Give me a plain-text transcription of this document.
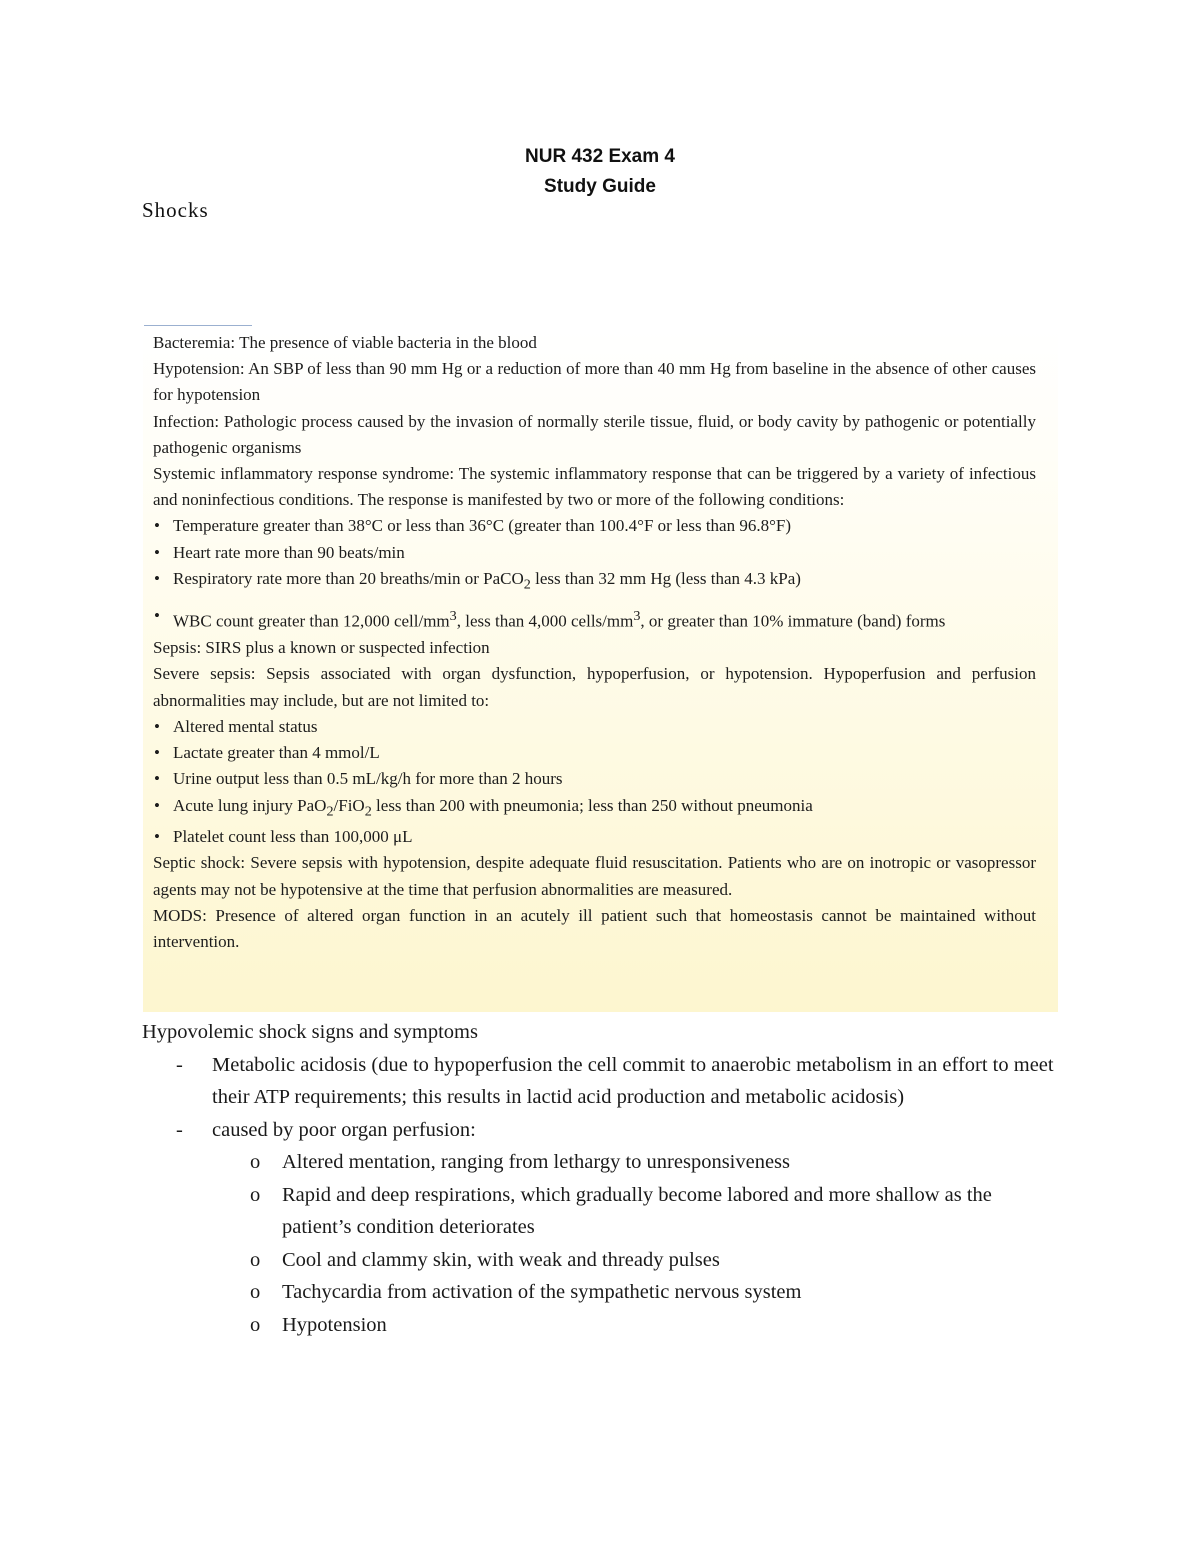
NUR 432 Exam 4
Study Guide
Shocks

Bacteremia: The presence of viable bacteria in the blood

Hypotension: An SBP of less than 90 mm Hg or a reduction of more than 40 mm Hg from baseline in the absence of other causes for hypotension

Infection: Pathologic process caused by the invasion of normally sterile tissue, fluid, or body cavity by pathogenic or potentially pathogenic organisms

Systemic inflammatory response syndrome: The systemic inflammatory response that can be triggered by a variety of infectious and noninfectious conditions. The response is manifested by two or more of the following conditions:

• Temperature greater than 38°C or less than 36°C (greater than 100.4°F or less than 96.8°F)
• Heart rate more than 90 beats/min
• Respiratory rate more than 20 breaths/min or PaCO$_2$ less than 32 mm Hg (less than 4.3 kPa)
• WBC count greater than 12,000 cell/$mm^3$, less than 4,000 cells/$mm^3$, or greater than 10% immature (band) forms

Sepsis: SIRS plus a known or suspected infection

Severe sepsis: Sepsis associated with organ dysfunction, hypoperfusion, or hypotension. Hypoperfusion and perfusion abnormalities may include, but are not limited to:

• Altered mental status
• Lactate greater than 4 mmol/L
• Urine output less than 0.5 mL/kg/h for more than 2 hours
• Acute lung injury PaO$_2$/FiO$_2$ less than 200 with pneumonia; less than 250 without pneumonia
• Platelet count less than 100,000 μL

Septic shock: Severe sepsis with hypotension, despite adequate fluid resuscitation. Patients who are on inotropic or vasopressor agents may not be hypotensive at the time that perfusion abnormalities are measured.

MODS: Presence of altered organ function in an acutely ill patient such that homeostasis cannot be maintained without intervention.

Hypovolemic shock signs and symptoms
- Metabolic acidosis (due to hypoperfusion the cell commit to anaerobic metabolism in an effort to meet their ATP requirements; this results in lactid acid production and metabolic acidosis)
- caused by poor organ perfusion:
o Altered mentation, ranging from lethargy to unresponsiveness
o Rapid and deep respirations, which gradually become labored and more shallow as the patient’s condition deteriorates
o Cool and clammy skin, with weak and thready pulses
o Tachycardia from activation of the sympathetic nervous system
o Hypotension
